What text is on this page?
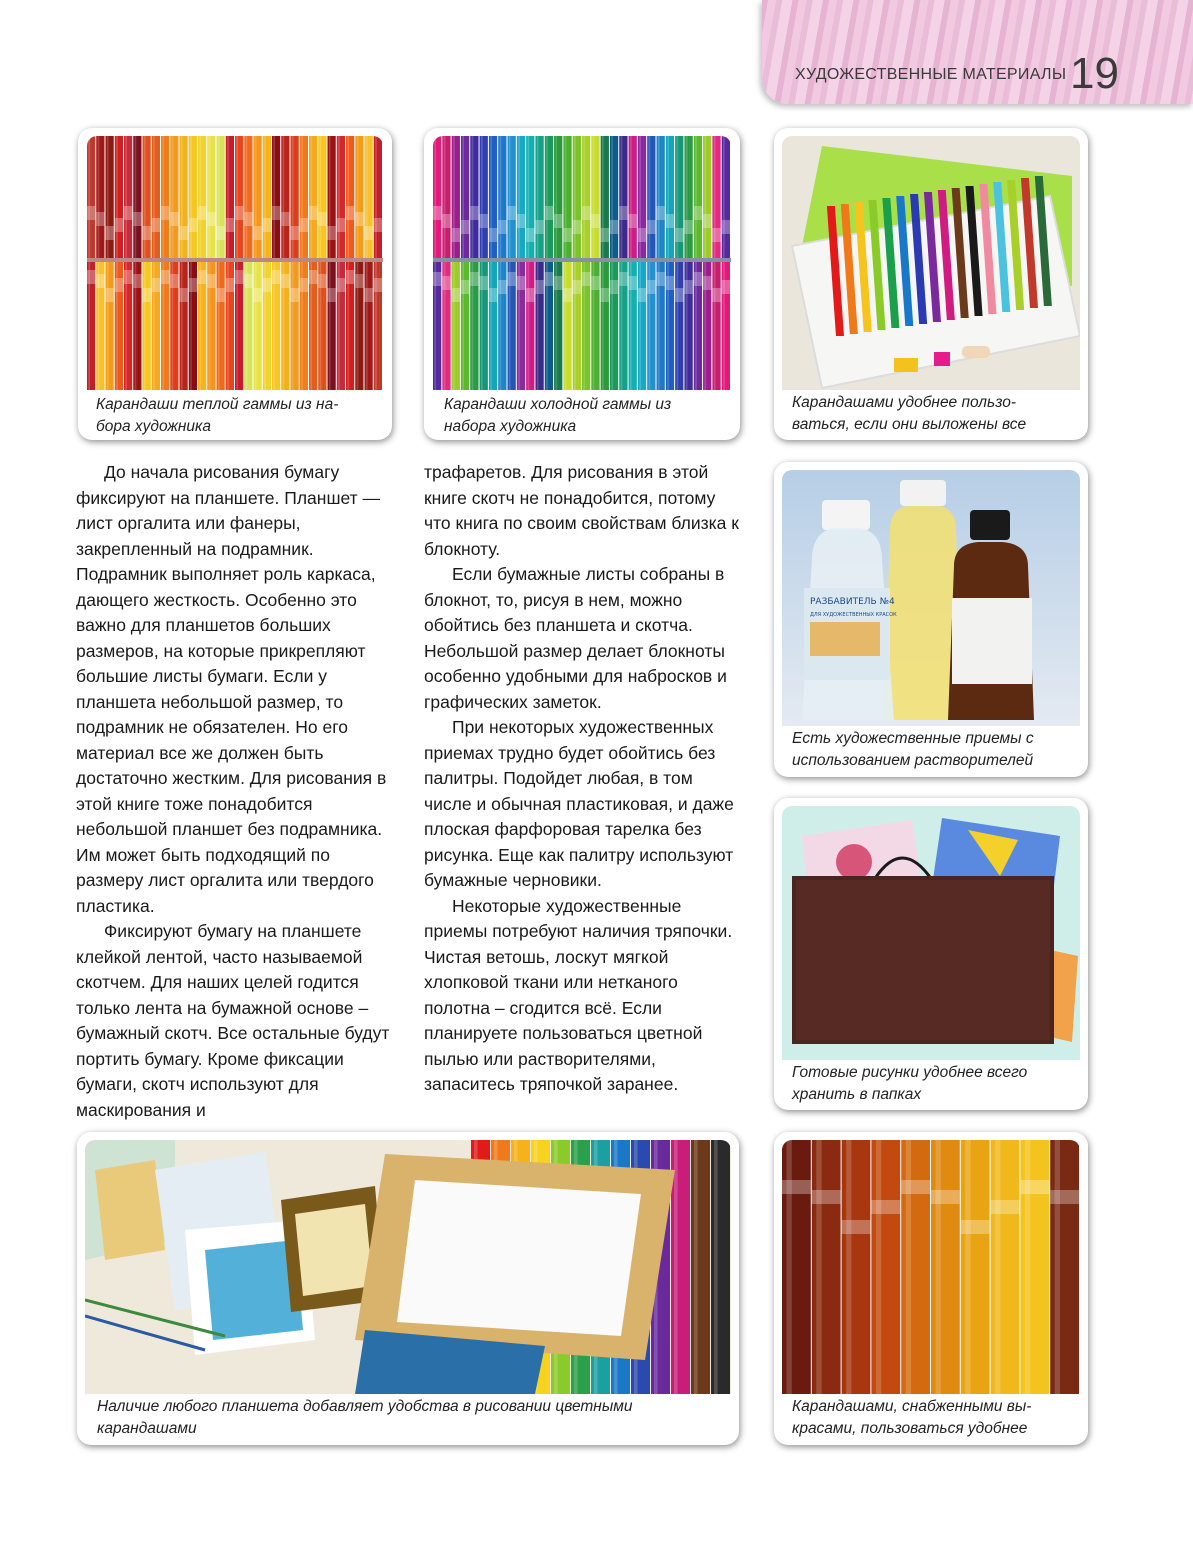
ХУДОЖЕСТВЕННЫЕ МАТЕРИАЛЫ 19
Карандаши теплой гаммы из на-
бора художника
Карандаши холодной гаммы из
набора художника
Карандашами удобнее пользо-
ваться, если они выложены все
РАЗБАВИТЕЛЬ №4
ДЛЯ ХУДОЖЕСТВЕННЫХ КРАСОК
Есть художественные приемы с
использованием растворителей
Готовые рисунки удобнее всего
хранить в папках
Наличие любого планшета добавляет удобства в рисовании цветными
карандашами
Карандашами, снабженными вы-
красами, пользоваться удобнее

До начала рисования бумагу фиксируют на планшете. Планшет — лист оргалита или фанеры, закрепленный на подрамник. Подрамник выполняет роль каркаса, дающего жесткость. Особенно это важно для планшетов больших размеров, на которые прикрепляют большие листы бумаги. Если у планшета небольшой размер, то подрамник не обязателен. Но его материал все же должен быть достаточно жестким. Для рисования в этой книге тоже понадобится небольшой планшет без подрамника. Им может быть подходящий по размеру лист оргалита или твердого пластика.

Фиксируют бумагу на планшете клейкой лентой, часто называемой скотчем. Для наших целей годится только лента на бумажной основе – бумажный скотч. Все остальные будут портить бумагу. Кроме фиксации бумаги, скотч используют для маскирования и

трафаретов. Для рисования в этой книге скотч не понадобится, потому что книга по своим свойствам близка к блокноту.

Если бумажные листы собраны в блокнот, то, рисуя в нем, можно обойтись без планшета и скотча. Небольшой размер делает блокноты особенно удобными для набросков и графических заметок.

При некоторых художественных приемах трудно будет обойтись без палитры. Подойдет любая, в том числе и обычная пластиковая, и даже плоская фарфоровая тарелка без рисунка. Еще как палитру используют бумажные черновики.

Некоторые художественные приемы потребуют наличия тряпочки. Чистая ветошь, лоскут мягкой хлопковой ткани или нетканого полотна – сгодится всё. Если планируете пользоваться цветной пылью или растворителями, запаситесь тряпочкой заранее.
